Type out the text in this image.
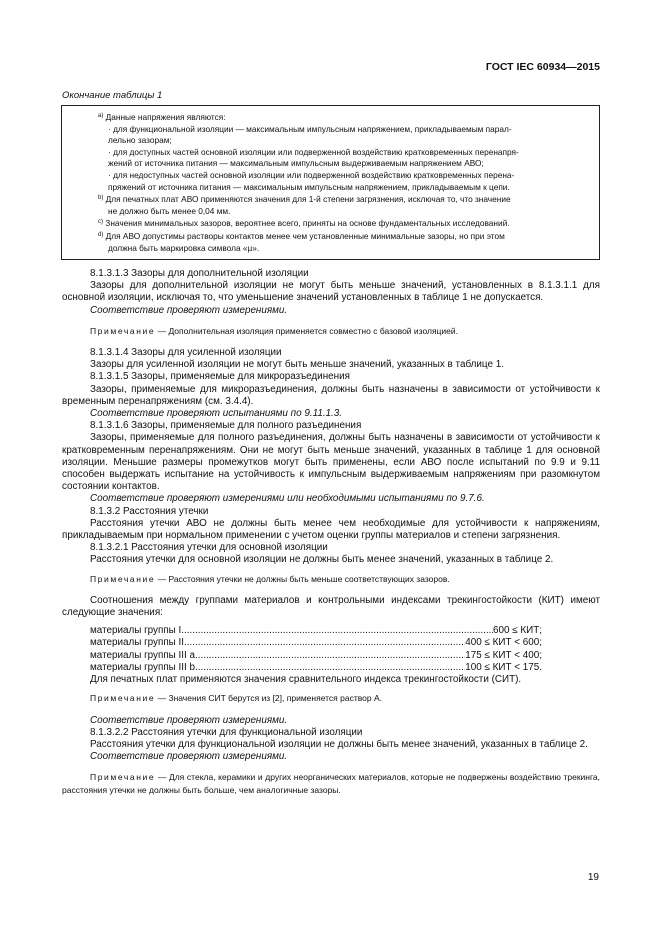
ГОСТ IEC 60934—2015
Окончание таблицы 1
$^{a)}$ Данные напряжения являются:
· для функциональной изоляции — максимальным импульсным напряжением, прикладываемым парал-
лельно зазорам;
· для доступных частей основной изоляции или подверженной воздействию кратковременных перенапря-
жений от источника питания — максимальным импульсным выдерживаемым напряжением АВО;
· для недоступных частей основной изоляции или подверженной воздействию кратковременных перена-
пряжений от источника питания — максимальным импульсным напряжением, прикладываемым к цепи.
$^{b)}$ Для печатных плат АВО применяются значения для 1-й степени загрязнения, исключая то, что значение
не должно быть менее 0,04 мм.
$^{c)}$ Значения минимальных зазоров, вероятнее всего, приняты на основе фундаментальных исследований.
$^{d)}$ Для АВО допустимы растворы контактов менее чем установленные минимальные зазоры, но при этом
должна быть маркировка символа «µ».

8.1.3.1.3 Зазоры для дополнительной изоляции

Зазоры для дополнительной изоляции не могут быть меньше значений, установленных в 8.1.3.1.1 для основной изоляции, исключая то, что уменьшение значений установленных в таблице 1 не допускается.

Соответствие проверяют измерениями.

Примечание — Дополнительная изоляция применяется совместно с базовой изоляцией.

8.1.3.1.4 Зазоры для усиленной изоляции

Зазоры для усиленной изоляции не могут быть меньше значений, указанных в таблице 1.

8.1.3.1.5 Зазоры, применяемые для микроразъединения

Зазоры, применяемые для микроразъединения, должны быть назначены в зависимости от устойчивости к временным перенапряжениям (см. 3.4.4).

Соответствие проверяют испытаниями по 9.11.1.3.

8.1.3.1.6 Зазоры, применяемые для полного разъединения

Зазоры, применяемые для полного разъединения, должны быть назначены в зависимости от устойчивости к кратковременным перенапряжениям. Они не могут быть меньше значений, указанных в таблице 1 для основной изоляции. Меньшие размеры промежутков могут быть применены, если АВО после испытаний по 9.9 и 9.11 способен выдержать испытание на устойчивость к импульсным выдерживаемым напряжениям при разомкнутом состоянии контактов.

Соответствие проверяют измерениями или необходимыми испытаниями по 9.7.6.

8.1.3.2 Расстояния утечки

Расстояния утечки АВО не должны быть менее чем необходимые для устойчивости к напряжениям, прикладываемым при нормальном применении с учетом оценки группы материалов и степени загрязнения.

8.1.3.2.1 Расстояния утечки для основной изоляции

Расстояния утечки для основной изоляции не должны быть менее значений, указанных в таблице 2.

Примечание — Расстояния утечки не должны быть меньше соответствующих зазоров.

Соотношения между группами материалов и контрольными индексами трекингостойкости (КИТ) имеют следующие значения:

материалы группы I .....	600 ≤ КИТ;
материалы группы II .....	400 ≤ КИТ < 600;
материалы группы III a .....	175 ≤ КИТ < 400;
материалы группы III b .....	100 ≤ КИТ < 175.

Для печатных плат применяются значения сравнительного индекса трекингостойкости (СИТ).

Примечание — Значения СИТ берутся из [2], применяется раствор А.

Соответствие проверяют измерениями.

8.1.3.2.2 Расстояния утечки для функциональной изоляции

Расстояния утечки для функциональной изоляции не должны быть менее значений, указанных в таблице 2.

Соответствие проверяют измерениями.

Примечание — Для стекла, керамики и других неорганических материалов, которые не подвержены воздействию трекинга, расстояния утечки не должны быть больше, чем аналогичные зазоры.

19
